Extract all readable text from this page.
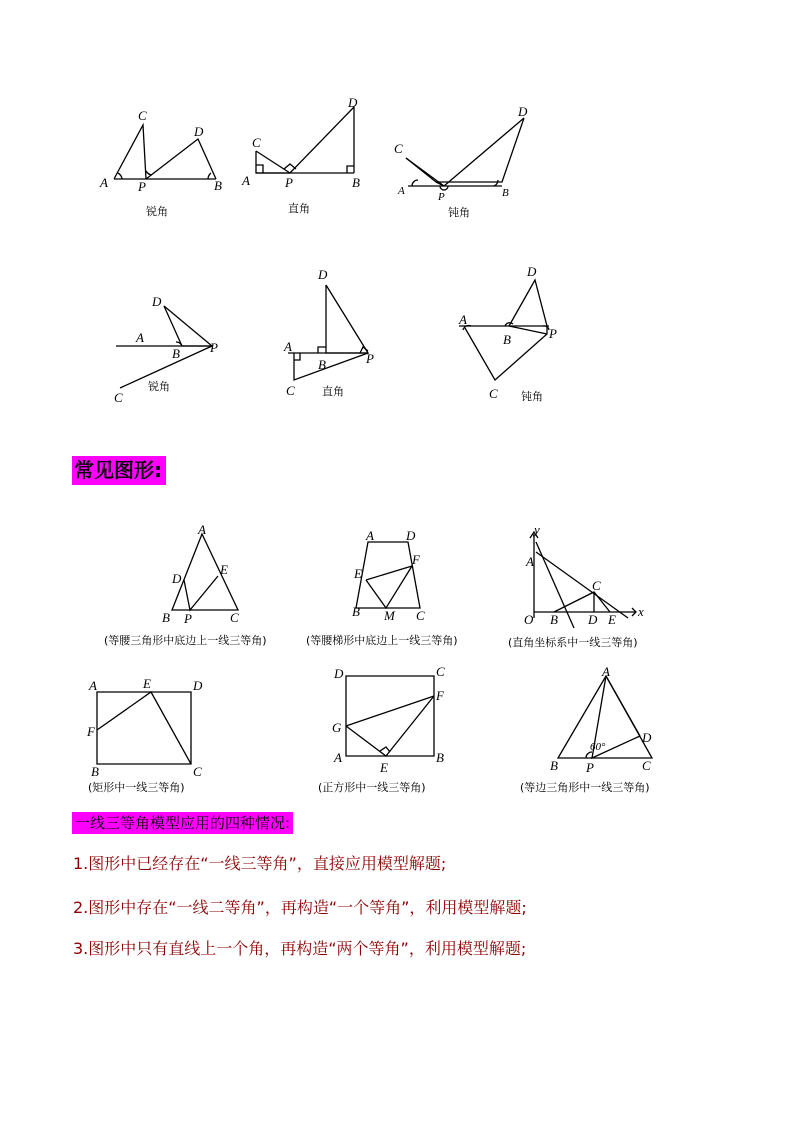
C
D
A P	B
锐角
C
D
A	P	B
直角
C
D
A	P	B
钝角
D
A
B P
C
锐角
D
A
B	P
C 直角
D
A
B	P
C 钝角
常见图形:
A
D
E
B P	C
(等腰三角形中底边上一线三等角)
A D
E
F
B M C
(等腰梯形中底边上一线三等角)
y
x
A
C
O B D E
(直角坐标系中一线三等角)
A	E	D
F
B	C
(矩形中一线三等角)
D	C
F
G
A
E
B
(正方形中一线三等角)
A
D
B P	C
60°
(等边三角形中一线三等角)
一线三等角模型应用的四种情况:
1.图形中已经存在“一线三等角”，直接应用模型解题;
2.图形中存在“一线二等角”，再构造“一个等角”，利用模型解题;
3.图形中只有直线上一个角，再构造“两个等角”，利用模型解题;
